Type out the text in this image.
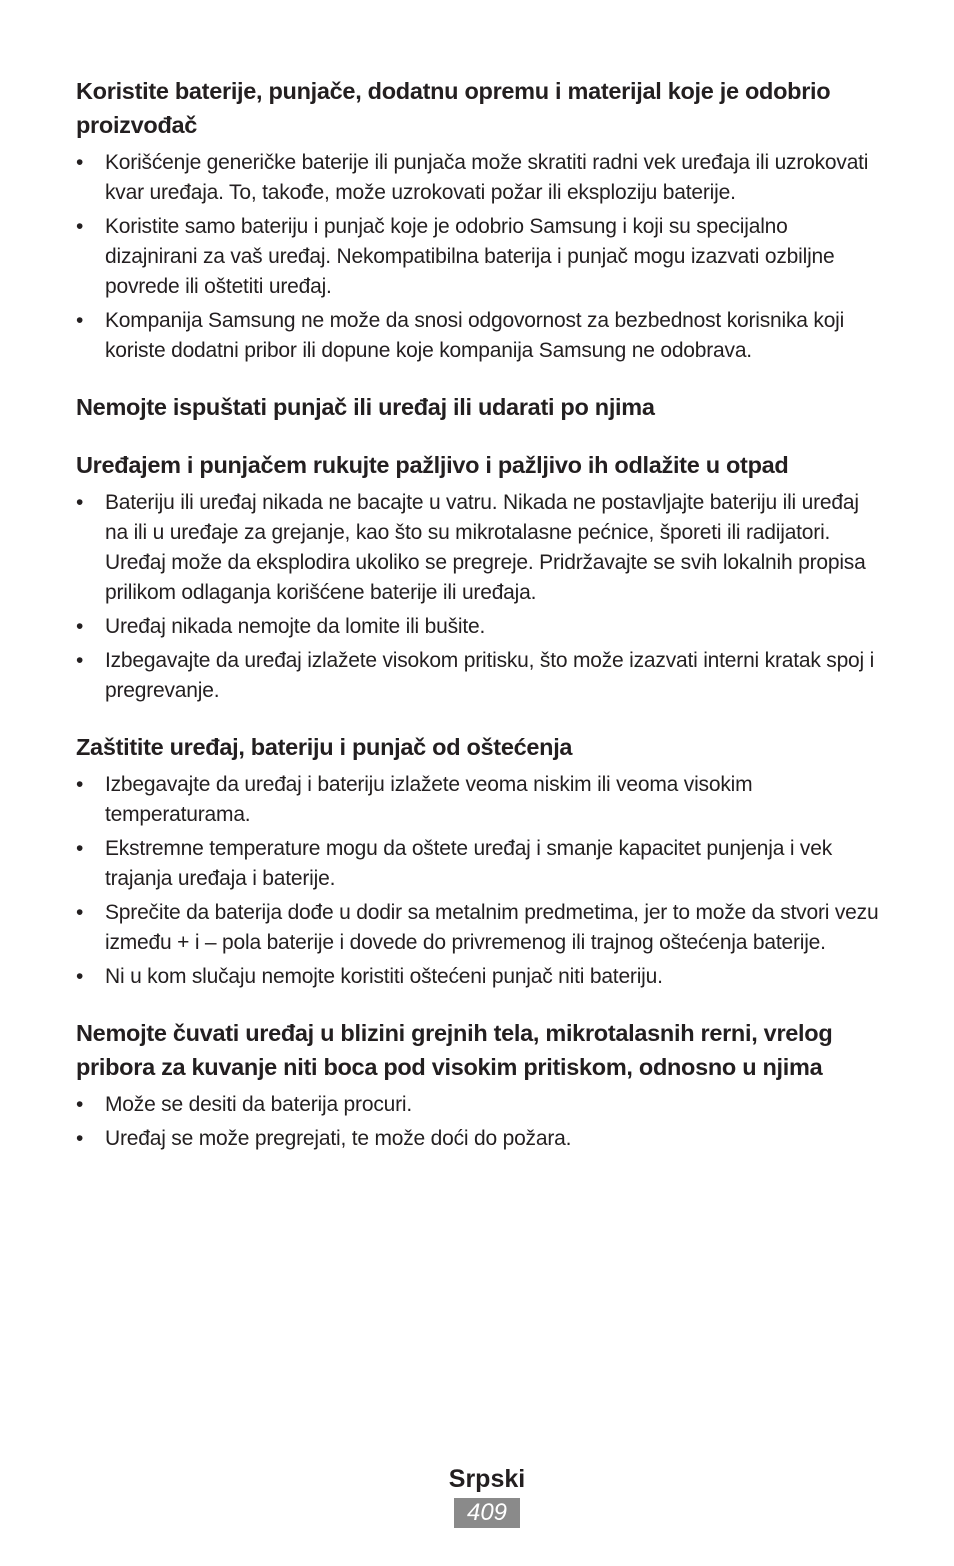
Koristite baterije, punjače, dodatnu opremu i materijal koje je odobrio proizvođač
•	Korišćenje generičke baterije ili punjača može skratiti radni vek uređaja ili uzrokovati kvar uređaja. To, takođe, može uzrokovati požar ili eksploziju baterije.
•	Koristite samo bateriju i punjač koje je odobrio Samsung i koji su specijalno dizajnirani za vaš uređaj. Nekompatibilna baterija i punjač mogu izazvati ozbiljne povrede ili oštetiti uređaj.
•	Kompanija Samsung ne može da snosi odgovornost za bezbednost korisnika koji koriste dodatni pribor ili dopune koje kompanija Samsung ne odobrava.
Nemojte ispuštati punjač ili uređaj ili udarati po njima
Uređajem i punjačem rukujte pažljivo i pažljivo ih odlažite u otpad
•	Bateriju ili uređaj nikada ne bacajte u vatru. Nikada ne postavljajte bateriju ili uređaj na ili u uređaje za grejanje, kao što su mikrotalasne pećnice, šporeti ili radijatori. Uređaj može da eksplodira ukoliko se pregreje. Pridržavajte se svih lokalnih propisa prilikom odlaganja korišćene baterije ili uređaja.
•	Uređaj nikada nemojte da lomite ili bušite.
•	Izbegavajte da uređaj izlažete visokom pritisku, što može izazvati interni kratak spoj i pregrevanje.
Zaštitite uređaj, bateriju i punjač od oštećenja
•	Izbegavajte da uređaj i bateriju izlažete veoma niskim ili veoma visokim temperaturama.
•	Ekstremne temperature mogu da oštete uređaj i smanje kapacitet punjenja i vek trajanja uređaja i baterije.
•	Sprečite da baterija dođe u dodir sa metalnim predmetima, jer to može da stvori vezu između + i – pola baterije i dovede do privremenog ili trajnog oštećenja baterije.
•	Ni u kom slučaju nemojte koristiti oštećeni punjač niti bateriju.
Nemojte čuvati uređaj u blizini grejnih tela, mikrotalasnih rerni, vrelog pribora za kuvanje niti boca pod visokim pritiskom, odnosno u njima
•	Može se desiti da baterija procuri.
•	Uređaj se može pregrejati, te može doći do požara.
Srpski
409
